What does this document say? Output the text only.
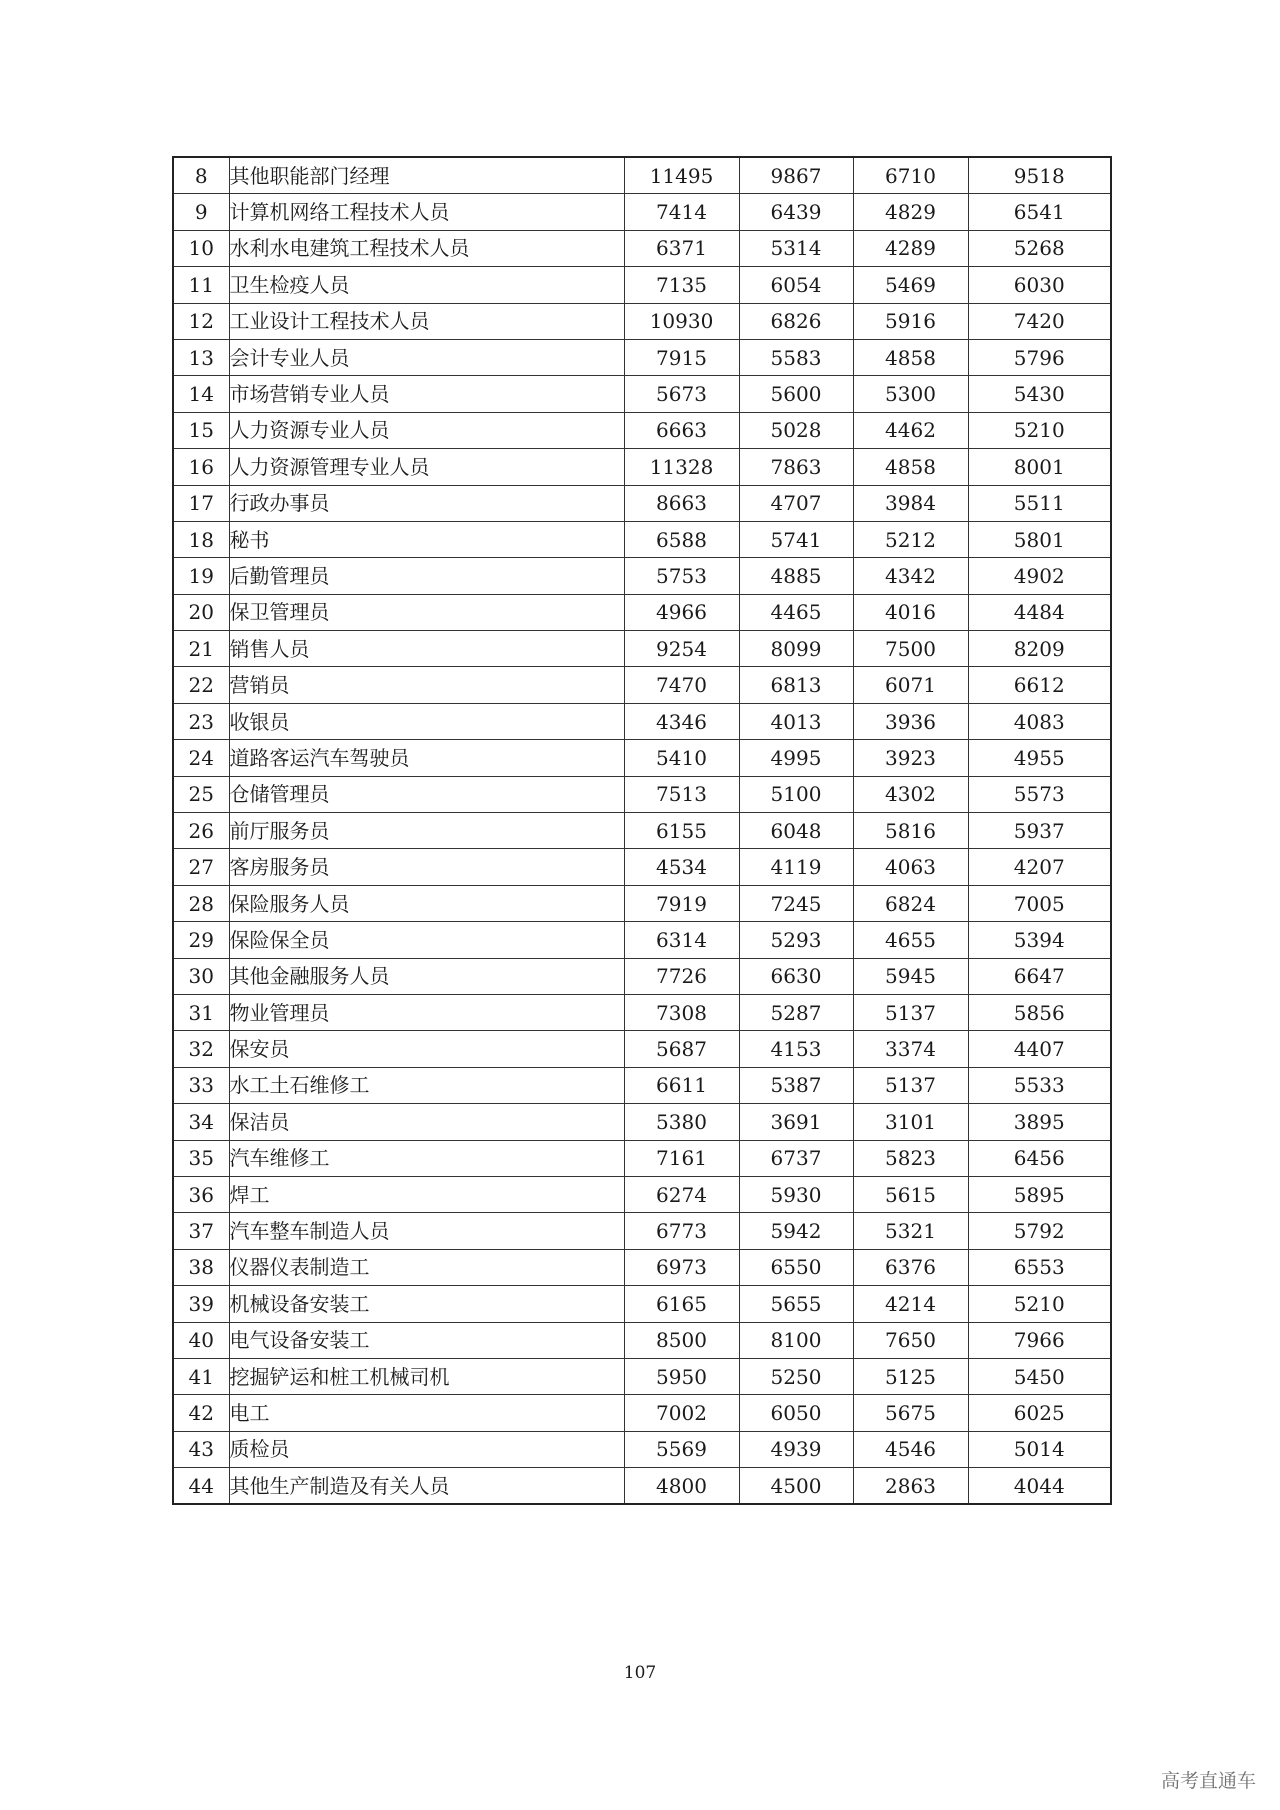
8	其他职能部门经理	11495	9867	6710	9518
9	计算机网络工程技术人员	7414	6439	4829	6541
10	水利水电建筑工程技术人员	6371	5314	4289	5268
11	卫生检疫人员	7135	6054	5469	6030
12	工业设计工程技术人员	10930	6826	5916	7420
13	会计专业人员	7915	5583	4858	5796
14	市场营销专业人员	5673	5600	5300	5430
15	人力资源专业人员	6663	5028	4462	5210
16	人力资源管理专业人员	11328	7863	4858	8001
17	行政办事员	8663	4707	3984	5511
18	秘书	6588	5741	5212	5801
19	后勤管理员	5753	4885	4342	4902
20	保卫管理员	4966	4465	4016	4484
21	销售人员	9254	8099	7500	8209
22	营销员	7470	6813	6071	6612
23	收银员	4346	4013	3936	4083
24	道路客运汽车驾驶员	5410	4995	3923	4955
25	仓储管理员	7513	5100	4302	5573
26	前厅服务员	6155	6048	5816	5937
27	客房服务员	4534	4119	4063	4207
28	保险服务人员	7919	7245	6824	7005
29	保险保全员	6314	5293	4655	5394
30	其他金融服务人员	7726	6630	5945	6647
31	物业管理员	7308	5287	5137	5856
32	保安员	5687	4153	3374	4407
33	水工土石维修工	6611	5387	5137	5533
34	保洁员	5380	3691	3101	3895
35	汽车维修工	7161	6737	5823	6456
36	焊工	6274	5930	5615	5895
37	汽车整车制造人员	6773	5942	5321	5792
38	仪器仪表制造工	6973	6550	6376	6553
39	机械设备安装工	6165	5655	4214	5210
40	电气设备安装工	8500	8100	7650	7966
41	挖掘铲运和桩工机械司机	5950	5250	5125	5450
42	电工	7002	6050	5675	6025
43	质检员	5569	4939	4546	5014
44	其他生产制造及有关人员	4800	4500	2863	4044
107
高考直通车
